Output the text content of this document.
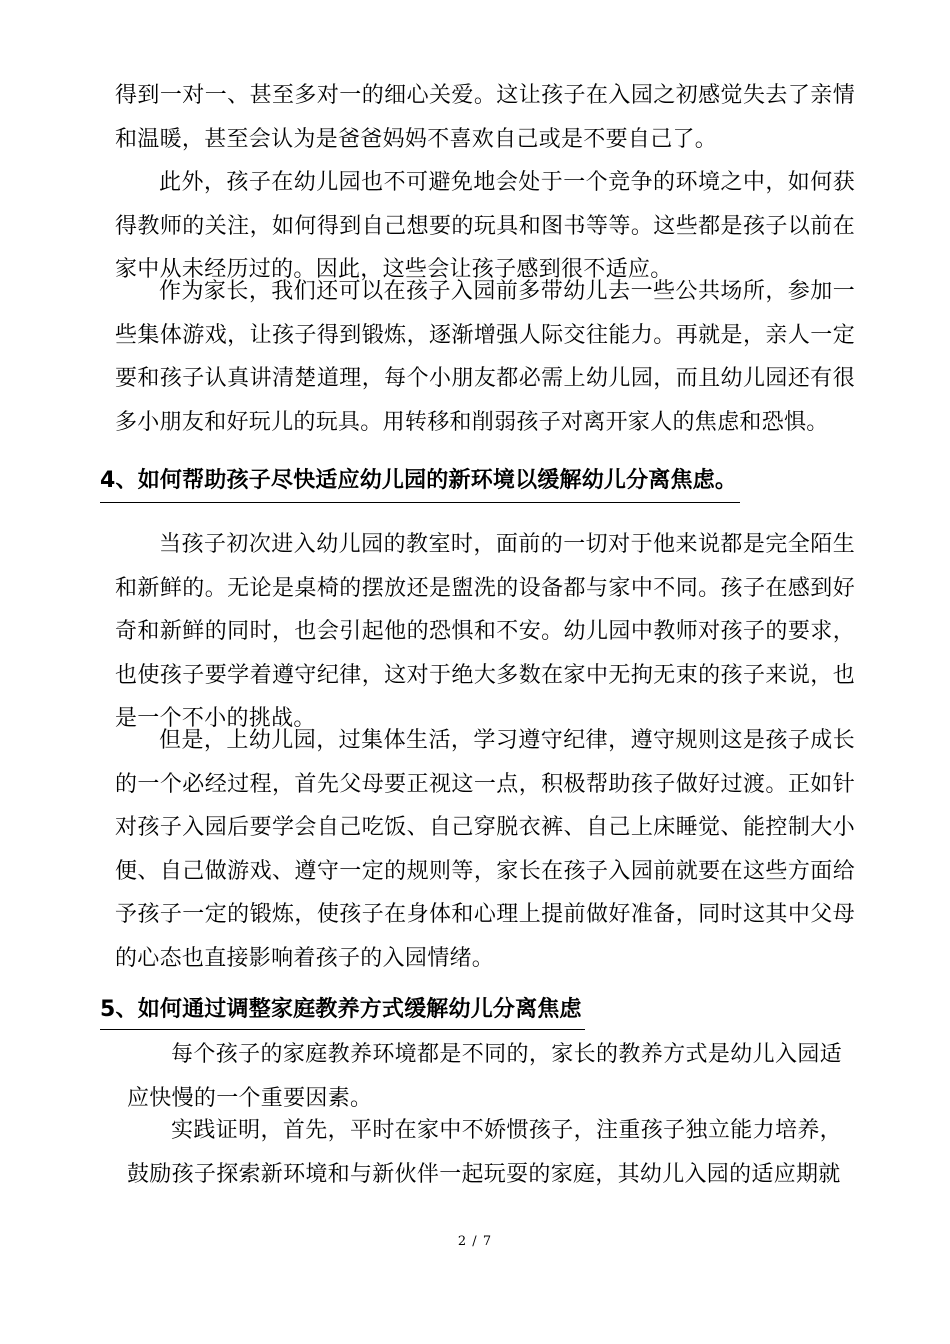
得到一对一、甚至多对一的细心关爱。这让孩子在入园之初感觉失去了亲情和温暖，甚至会认为是爸爸妈妈不喜欢自己或是不要自己了。

此外，孩子在幼儿园也不可避免地会处于一个竞争的环境之中，如何获得教师的关注，如何得到自己想要的玩具和图书等等。这些都是孩子以前在家中从未经历过的。因此，这些会让孩子感到很不适应。

作为家长，我们还可以在孩子入园前多带幼儿去一些公共场所，参加一些集体游戏，让孩子得到锻炼，逐渐增强人际交往能力。再就是，亲人一定要和孩子认真讲清楚道理，每个小朋友都必需上幼儿园，而且幼儿园还有很多小朋友和好玩儿的玩具。用转移和削弱孩子对离开家人的焦虑和恐惧。

4、如何帮助孩子尽快适应幼儿园的新环境以缓解幼儿分离焦虑。

当孩子初次进入幼儿园的教室时，面前的一切对于他来说都是完全陌生和新鲜的。无论是桌椅的摆放还是盥洗的设备都与家中不同。孩子在感到好奇和新鲜的同时，也会引起他的恐惧和不安。幼儿园中教师对孩子的要求，也使孩子要学着遵守纪律，这对于绝大多数在家中无拘无束的孩子来说，也是一个不小的挑战。

但是，上幼儿园，过集体生活，学习遵守纪律，遵守规则这是孩子成长的一个必经过程，首先父母要正视这一点，积极帮助孩子做好过渡。正如针对孩子入园后要学会自己吃饭、自己穿脱衣裤、自己上床睡觉、能控制大小便、自己做游戏、遵守一定的规则等，家长在孩子入园前就要在这些方面给予孩子一定的锻炼，使孩子在身体和心理上提前做好准备，同时这其中父母的心态也直接影响着孩子的入园情绪。

5、如何通过调整家庭教养方式缓解幼儿分离焦虑

每个孩子的家庭教养环境都是不同的，家长的教养方式是幼儿入园适应快慢的一个重要因素。

实践证明，首先，平时在家中不娇惯孩子，注重孩子独立能力培养，鼓励孩子探索新环境和与新伙伴一起玩耍的家庭，其幼儿入园的适应期就

2 / 7
